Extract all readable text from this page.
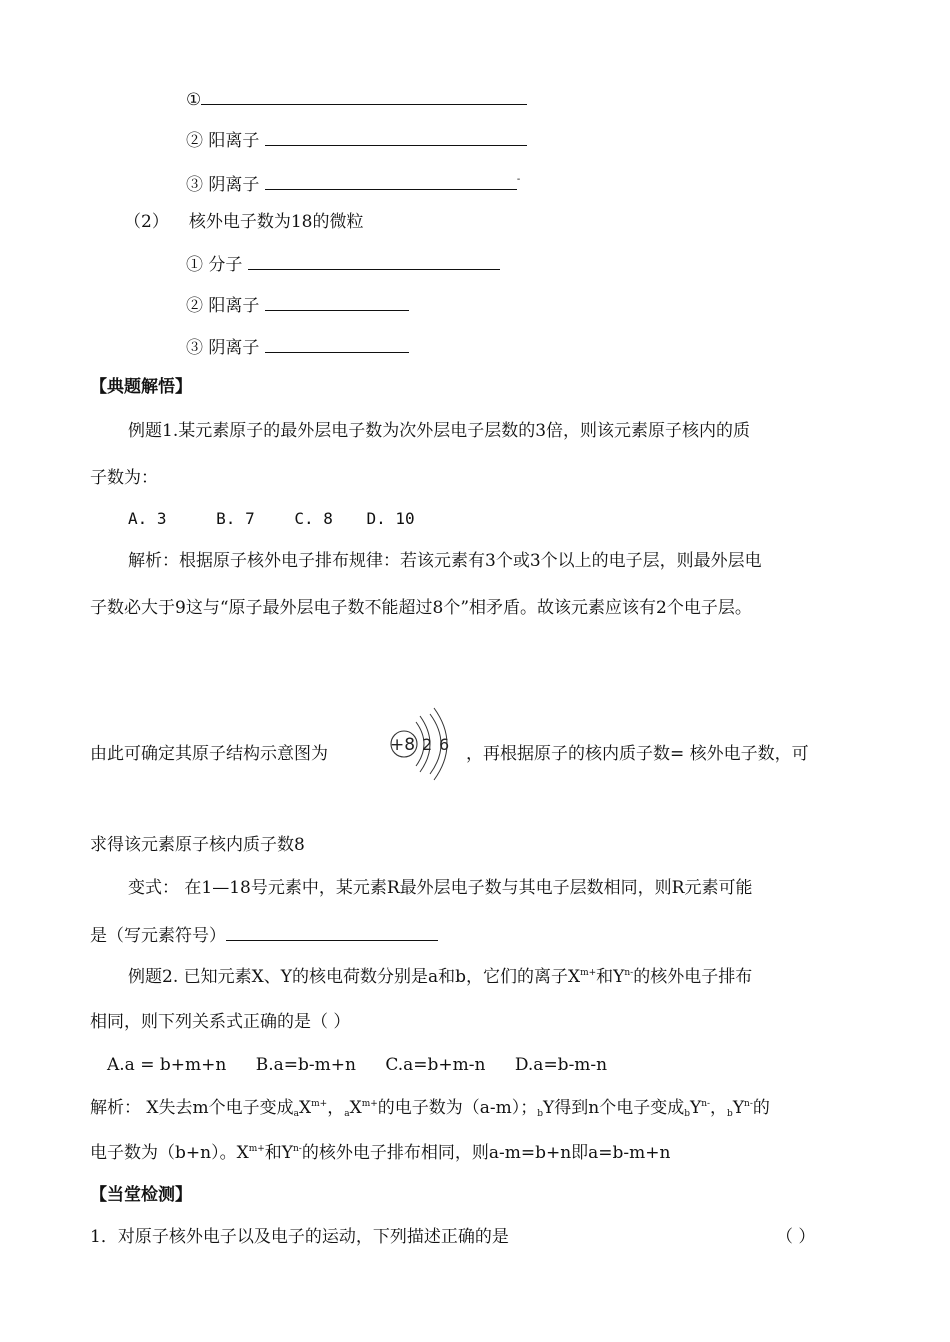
①
② 阳离子
③ 阴离子	-
（2） 核外电子数为18的微粒
① 分子
② 阳离子
③ 阴离子
【典题解悟】
例题1.某元素原子的最外层电子数为次外层电子层数的3倍，则该元素原子核内的质
子数为：
A. 3	B. 7 C. 8 D. 10
解析：根据原子核外电子排布规律：若该元素有3个或3个以上的电子层，则最外层电
子数必大于9这与“原子最外层电子数不能超过8个”相矛盾。故该元素应该有2个电子层。
由此可确定其原子结构示意图为	+8 2 6 ，再根据原子的核内质子数= 核外电子数，可
求得该元素原子核内质子数8
变式： 在1—18号元素中，某元素R最外层电子数与其电子层数相同，则R元素可能
是（写元素符号）
例题2. 已知元素X、Y的核电荷数分别是a和b，它们的离子$X^{m+}$和$Y^{n-}$的核外电子排布
相同，则下列关系式正确的是（ ）
A.a = b+m+n B.a=b-m+n C.a=b+m-n D.a=b-m-n
解析： X失去m个电子变成$_aX^{m+}$，$_aX^{m+}$的电子数为（a-m）；$_b$Y得到n个电子变成$_bY^{n-}$，$_bY^{n-}$的
电子数为（b+n）。$X^{m+}$和$Y^{n-}$的核外电子排布相同，则a-m=b+n即a=b-m+n
【当堂检测】
1．对原子核外电子以及电子的运动，下列描述正确的是	（ ）
